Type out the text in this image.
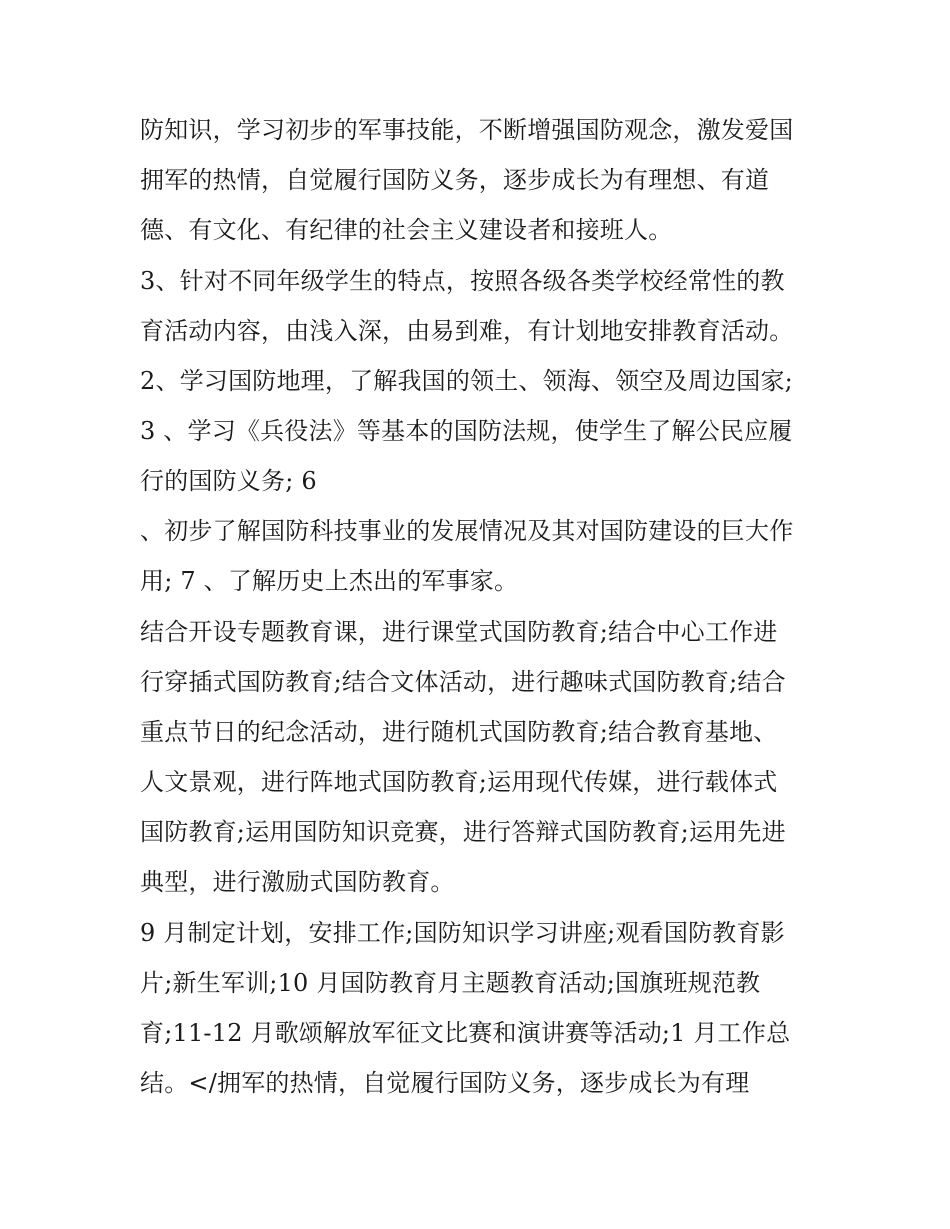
防知识，学习初步的军事技能，不断增强国防观念，激发爱国
拥军的热情，自觉履行国防义务，逐步成长为有理想、有道
德、有文化、有纪律的社会主义建设者和接班人。
3、针对不同年级学生的特点，按照各级各类学校经常性的教
育活动内容，由浅入深，由易到难，有计划地安排教育活动。
2、学习国防地理，了解我国的领土、领海、领空及周边国家;
3 、学习《兵役法》等基本的国防法规，使学生了解公民应履
行的国防义务; 6
、初步了解国防科技事业的发展情况及其对国防建设的巨大作
用; 7 、了解历史上杰出的军事家。
结合开设专题教育课，进行课堂式国防教育;结合中心工作进
行穿插式国防教育;结合文体活动，进行趣味式国防教育;结合
重点节日的纪念活动，进行随机式国防教育;结合教育基地、
人文景观，进行阵地式国防教育;运用现代传媒，进行载体式
国防教育;运用国防知识竞赛，进行答辩式国防教育;运用先进
典型，进行激励式国防教育。
9 月制定计划，安排工作;国防知识学习讲座;观看国防教育影
片;新生军训;10 月国防教育月主题教育活动;国旗班规范教
育;11-12 月歌颂解放军征文比赛和演讲赛等活动;1 月工作总
结。</拥军的热情，自觉履行国防义务，逐步成长为有理
